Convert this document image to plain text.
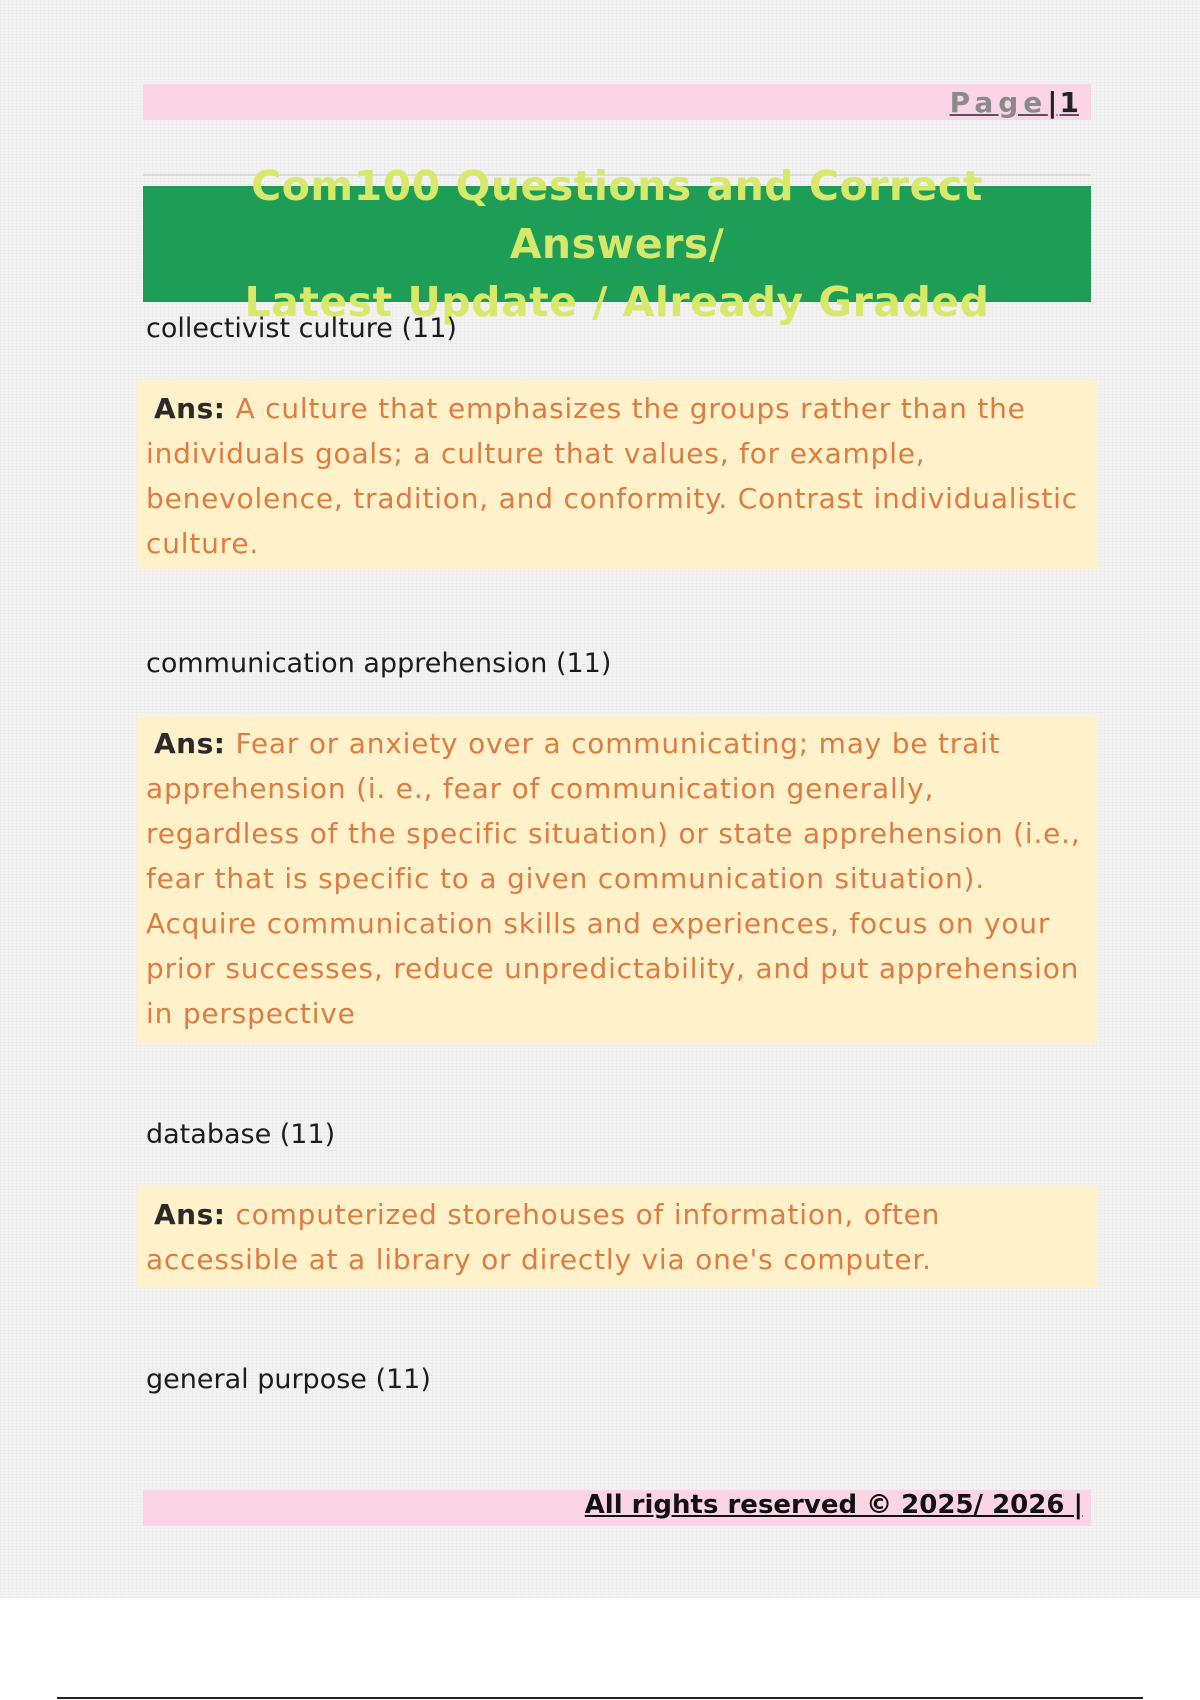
Page|1
Com100 Questions and Correct Answers/
Latest Update / Already Graded
collectivist culture (11)
Ans: A culture that emphasizes the groups rather than the individuals goals; a culture that values, for example, benevolence, tradition, and conformity. Contrast individualistic culture.
communication apprehension (11)
Ans: Fear or anxiety over a communicating; may be trait apprehension (i. e., fear of communication generally, regardless of the specific situation) or state apprehension (i.e., fear that is specific to a given communication situation). Acquire communication skills and experiences, focus on your prior successes, reduce unpredictability, and put apprehension in perspective
database (11)
Ans: computerized storehouses of information, often accessible at a library or directly via one's computer.
general purpose (11)
All rights reserved © 2025/ 2026 |
